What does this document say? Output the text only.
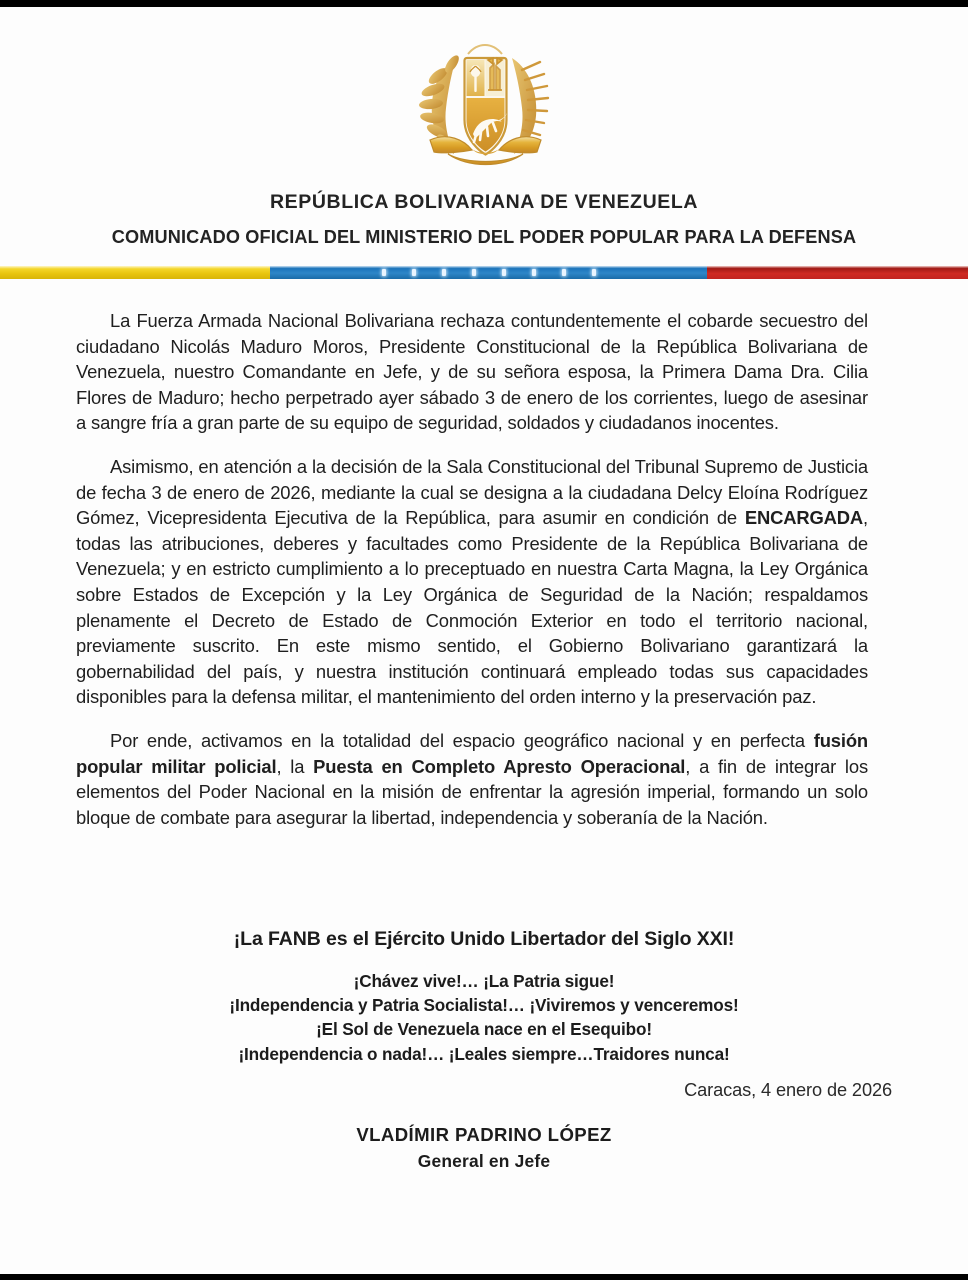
REPÚBLICA BOLIVARIANA DE VENEZUELA
COMUNICADO OFICIAL DEL MINISTERIO DEL PODER POPULAR PARA LA DEFENSA

La Fuerza Armada Nacional Bolivariana rechaza contundentemente el cobarde secuestro del ciudadano Nicolás Maduro Moros, Presidente Constitucional de la República Bolivariana de Venezuela, nuestro Comandante en Jefe, y de su señora esposa, la Primera Dama Dra. Cilia Flores de Maduro; hecho perpetrado ayer sábado 3 de enero de los corrientes, luego de asesinar a sangre fría a gran parte de su equipo de seguridad, soldados y ciudadanos inocentes.

Asimismo, en atención a la decisión de la Sala Constitucional del Tribunal Supremo de Justicia de fecha 3 de enero de 2026, mediante la cual se designa a la ciudadana Delcy Eloína Rodríguez Gómez, Vicepresidenta Ejecutiva de la República, para asumir en condición de ENCARGADA, todas las atribuciones, deberes y facultades como Presidente de la República Bolivariana de Venezuela; y en estricto cumplimiento a lo preceptuado en nuestra Carta Magna, la Ley Orgánica sobre Estados de Excepción y la Ley Orgánica de Seguridad de la Nación; respaldamos plenamente el Decreto de Estado de Conmoción Exterior en todo el territorio nacional, previamente suscrito. En este mismo sentido, el Gobierno Bolivariano garantizará la gobernabilidad del país, y nuestra institución continuará empleado todas sus capacidades disponibles para la defensa militar, el mantenimiento del orden interno y la preservación paz.

Por ende, activamos en la totalidad del espacio geográfico nacional y en perfecta fusión popular militar policial, la Puesta en Completo Apresto Operacional, a fin de integrar los elementos del Poder Nacional en la misión de enfrentar la agresión imperial, formando un solo bloque de combate para asegurar la libertad, independencia y soberanía de la Nación.

¡La FANB es el Ejército Unido Libertador del Siglo XXI!
¡Chávez vive!… ¡La Patria sigue!
¡Independencia y Patria Socialista!… ¡Viviremos y venceremos!
¡El Sol de Venezuela nace en el Esequibo!
¡Independencia o nada!… ¡Leales siempre…Traidores nunca!
Caracas, 4 enero de 2026
VLADÍMIR PADRINO LÓPEZ
General en Jefe
